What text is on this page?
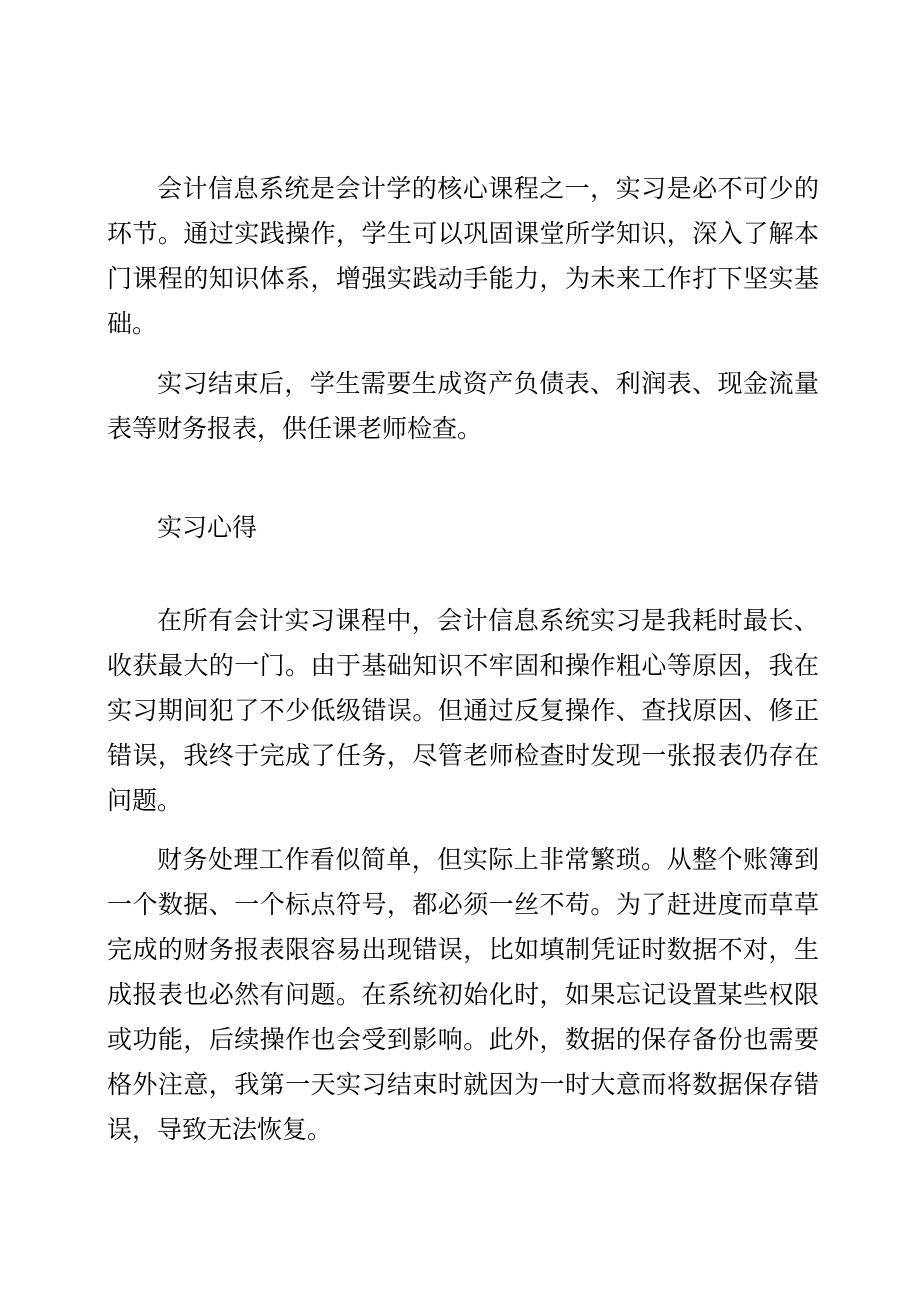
会计信息系统是会计学的核心课程之一，实习是必不可少的环节。通过实践操作，学生可以巩固课堂所学知识，深入了解本门课程的知识体系，增强实践动手能力，为未来工作打下坚实基础。

实习结束后，学生需要生成资产负债表、利润表、现金流量表等财务报表，供任课老师检查。

实习心得

在所有会计实习课程中，会计信息系统实习是我耗时最长、收获最大的一门。由于基础知识不牢固和操作粗心等原因，我在实习期间犯了不少低级错误。但通过反复操作、查找原因、修正错误，我终于完成了任务，尽管老师检查时发现一张报表仍存在问题。

财务处理工作看似简单，但实际上非常繁琐。从整个账簿到一个数据、一个标点符号，都必须一丝不苟。为了赶进度而草草完成的财务报表限容易出现错误，比如填制凭证时数据不对，生成报表也必然有问题。在系统初始化时，如果忘记设置某些权限或功能，后续操作也会受到影响。此外，数据的保存备份也需要格外注意，我第一天实习结束时就因为一时大意而将数据保存错误，导致无法恢复。
